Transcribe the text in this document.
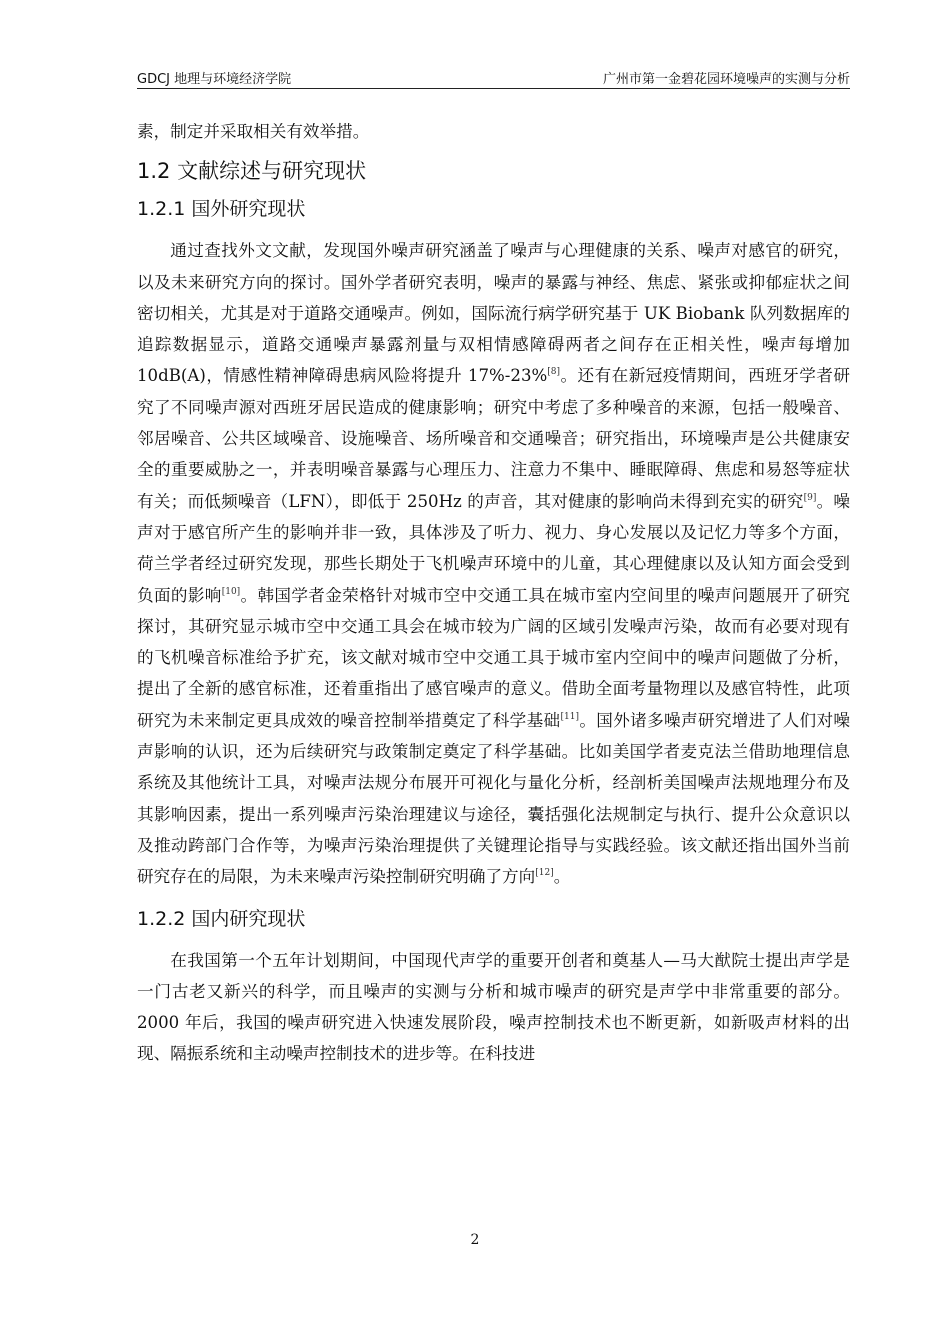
GDCJ 地理与环境经济学院	广州市第一金碧花园环境噪声的实测与分析

素，制定并采取相关有效举措。

1.2 文献综述与研究现状
1.2.1 国外研究现状

通过查找外文文献，发现国外噪声研究涵盖了噪声与心理健康的关系、噪声对感官的研究，以及未来研究方向的探讨。国外学者研究表明，噪声的暴露与神经、焦虑、紧张或抑郁症状之间密切相关，尤其是对于道路交通噪声。例如，国际流行病学研究基于 UK Biobank 队列数据库的追踪数据显示，道路交通噪声暴露剂量与双相情感障碍两者之间存在正相关性，噪声每增加 10dB(A)，情感性精神障碍患病风险将提升 17%-23%[8]。还有在新冠疫情期间，西班牙学者研究了不同噪声源对西班牙居民造成的健康影响；研究中考虑了多种噪音的来源，包括一般噪音、邻居噪音、公共区域噪音、设施噪音、场所噪音和交通噪音；研究指出，环境噪声是公共健康安全的重要威胁之一，并表明噪音暴露与心理压力、注意力不集中、睡眠障碍、焦虑和易怒等症状有关；而低频噪音（LFN），即低于 250Hz 的声音，其对健康的影响尚未得到充实的研究[9]。噪声对于感官所产生的影响并非一致，具体涉及了听力、视力、身心发展以及记忆力等多个方面，荷兰学者经过研究发现，那些长期处于飞机噪声环境中的儿童，其心理健康以及认知方面会受到负面的影响[10]。韩国学者金荣格针对城市空中交通工具在城市室内空间里的噪声问题展开了研究探讨，其研究显示城市空中交通工具会在城市较为广阔的区域引发噪声污染，故而有必要对现有的飞机噪音标准给予扩充，该文献对城市空中交通工具于城市室内空间中的噪声问题做了分析，提出了全新的感官标准，还着重指出了感官噪声的意义。借助全面考量物理以及感官特性，此项研究为未来制定更具成效的噪音控制举措奠定了科学基础[11]。国外诸多噪声研究增进了人们对噪声影响的认识，还为后续研究与政策制定奠定了科学基础。比如美国学者麦克法兰借助地理信息系统及其他统计工具，对噪声法规分布展开可视化与量化分析，经剖析美国噪声法规地理分布及其影响因素，提出一系列噪声污染治理建议与途径，囊括强化法规制定与执行、提升公众意识以及推动跨部门合作等，为噪声污染治理提供了关键理论指导与实践经验。该文献还指出国外当前研究存在的局限，为未来噪声污染控制研究明确了方向[12]。

1.2.2 国内研究现状

在我国第一个五年计划期间，中国现代声学的重要开创者和奠基人—马大猷院士提出声学是一门古老又新兴的科学，而且噪声的实测与分析和城市噪声的研究是声学中非常重要的部分。2000 年后，我国的噪声研究进入快速发展阶段，噪声控制技术也不断更新，如新吸声材料的出现、隔振系统和主动噪声控制技术的进步等。在科技进

2
